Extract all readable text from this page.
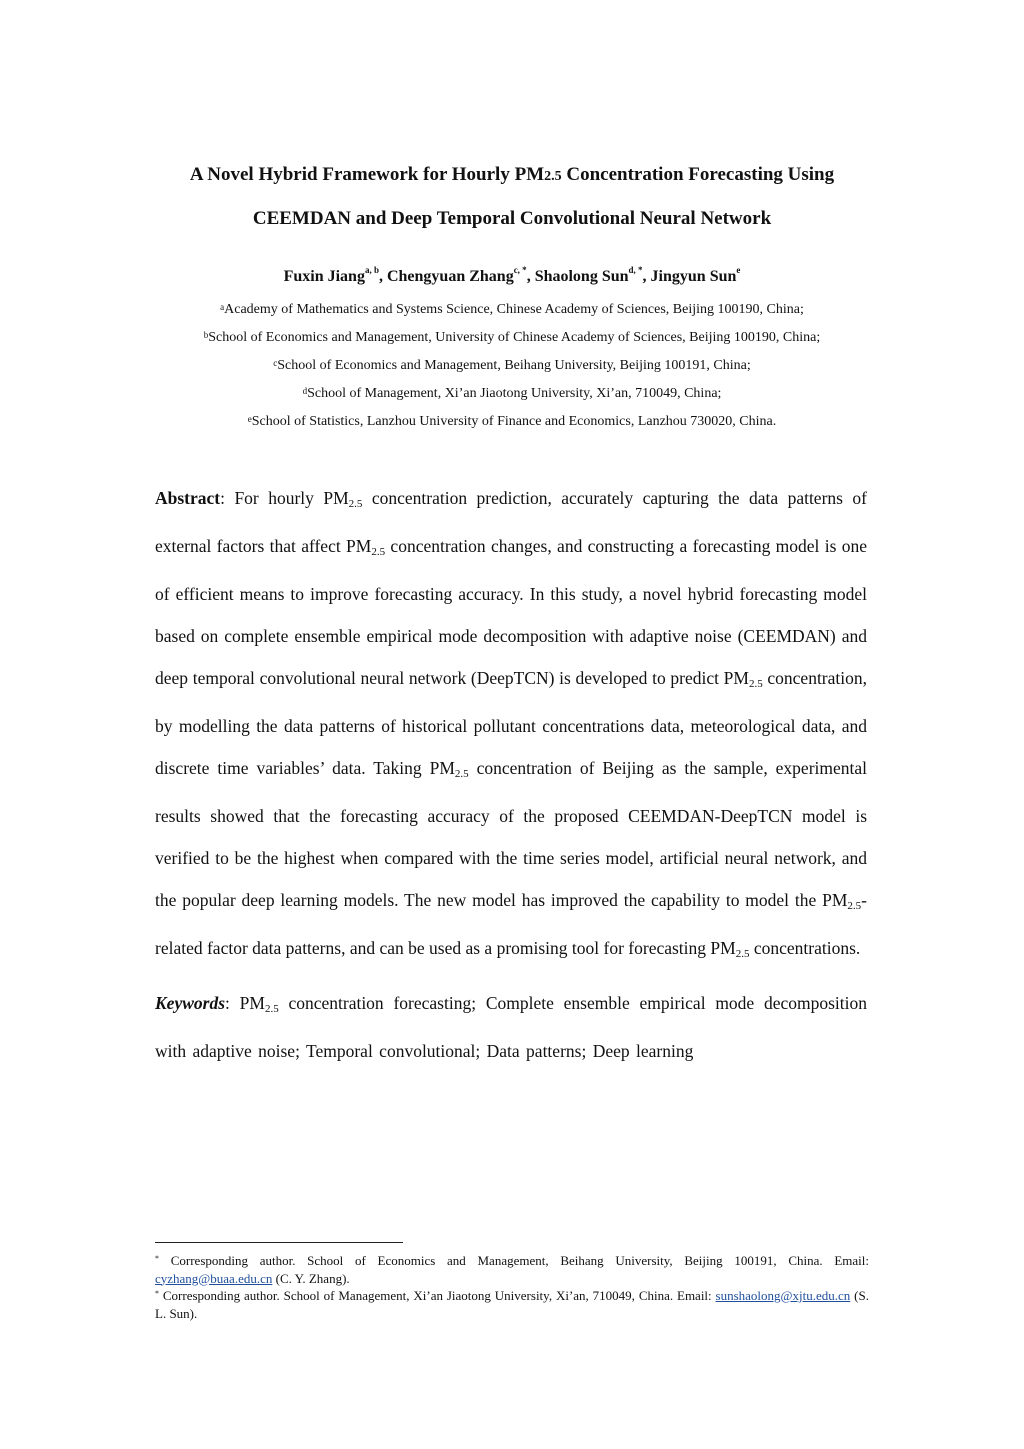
A Novel Hybrid Framework for Hourly PM2.5 Concentration Forecasting Using
CEEMDAN and Deep Temporal Convolutional Neural Network
Fuxin Jiang$^{a, b}$, Chengyuan Zhang$^{c, *}$, Shaolong Sun$^{d, *}$, Jingyun Sun$^e$
$^a$Academy of Mathematics and Systems Science, Chinese Academy of Sciences, Beijing 100190, China;
$^b$School of Economics and Management, University of Chinese Academy of Sciences, Beijing 100190, China;
$^c$School of Economics and Management, Beihang University, Beijing 100191, China;
$^d$School of Management, Xi’an Jiaotong University, Xi’an, 710049, China;
$^e$School of Statistics, Lanzhou University of Finance and Economics, Lanzhou 730020, China.
Abstract: For hourly $PM_{2.5}$ concentration prediction, accurately capturing the data patterns of external factors that affect $PM_{2.5}$ concentration changes, and constructing a forecasting model is one of efficient means to improve forecasting accuracy. In this study, a novel hybrid forecasting model based on complete ensemble empirical mode decomposition with adaptive noise (CEEMDAN) and deep temporal convolutional neural network (DeepTCN) is developed to predict $PM_{2.5}$ concentration, by modelling the data patterns of historical pollutant concentrations data, meteorological data, and discrete time variables’ data. Taking $PM_{2.5}$ concentration of Beijing as the sample, experimental results showed that the forecasting accuracy of the proposed CEEMDAN-DeepTCN model is verified to be the highest when compared with the time series model, artificial neural network, and the popular deep learning models. The new model has improved the capability to model the $PM_{2.5}$-related factor data patterns, and can be used as a promising tool for forecasting $PM_{2.5}$ concentrations.
Keywords: $PM_{2.5}$ concentration forecasting; Complete ensemble empirical mode decomposition with adaptive noise; Temporal convolutional; Data patterns; Deep learning
* Corresponding author. School of Economics and Management, Beihang University, Beijing 100191, China. Email: cyzhang@buaa.edu.cn (C. Y. Zhang).
* Corresponding author. School of Management, Xi’an Jiaotong University, Xi’an, 710049, China. Email: sunshaolong@xjtu.edu.cn (S. L. Sun).
